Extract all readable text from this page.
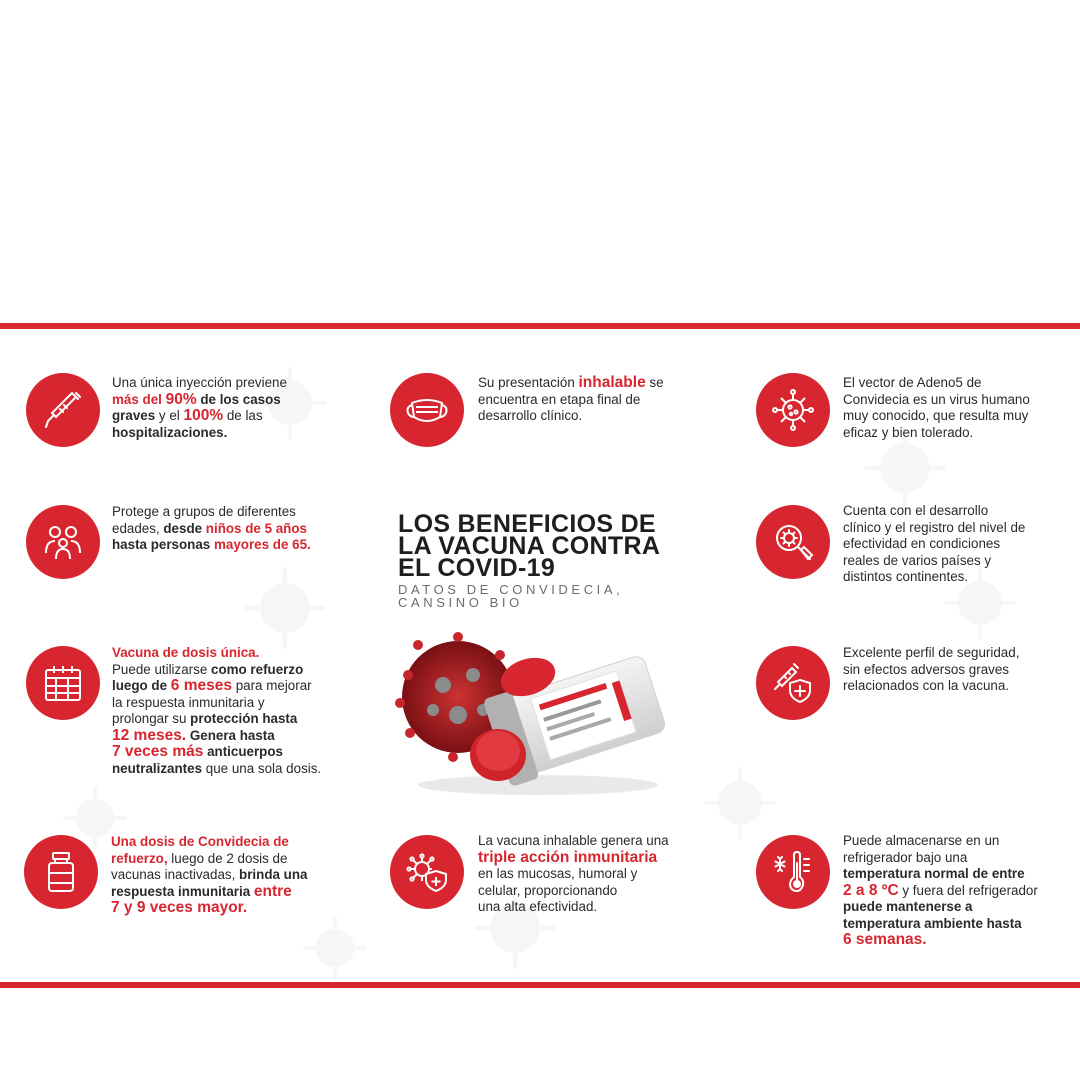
Una única inyección previene
más del 90% de los casos
graves y el 100% de las
hospitalizaciones.
Su presentación inhalable se
encuentra en etapa final de
desarrollo clínico.
El vector de Adeno5 de
Convidecia es un virus humano
muy conocido, que resulta muy
eficaz y bien tolerado.
Protege a grupos de diferentes
edades, desde niños de 5 años
hasta personas mayores de 65.
LOS BENEFICIOS DE
LA VACUNA CONTRA
EL COVID-19
DATOS DE CONVIDECIA,
CANSINO BIO
Cuenta con el desarrollo
clínico y el registro del nivel de
efectividad en condiciones
reales de varios países y
distintos continentes.
Vacuna de dosis única.
Puede utilizarse como refuerzo
luego de 6 meses para mejorar
la respuesta inmunitaria y
prolongar su protección hasta
12 meses. Genera hasta
7 veces más anticuerpos
neutralizantes que una sola dosis.
Excelente perfil de seguridad,
sin efectos adversos graves
relacionados con la vacuna.
Una dosis de Convidecia de
refuerzo, luego de 2 dosis de
vacunas inactivadas, brinda una
respuesta inmunitaria entre
7 y 9 veces mayor.
La vacuna inhalable genera una
triple acción inmunitaria
en las mucosas, humoral y
celular, proporcionando
una alta efectividad.
Puede almacenarse en un
refrigerador bajo una
temperatura normal de entre
2 a 8 ºC y fuera del refrigerador
puede mantenerse a
temperatura ambiente hasta
6 semanas.
